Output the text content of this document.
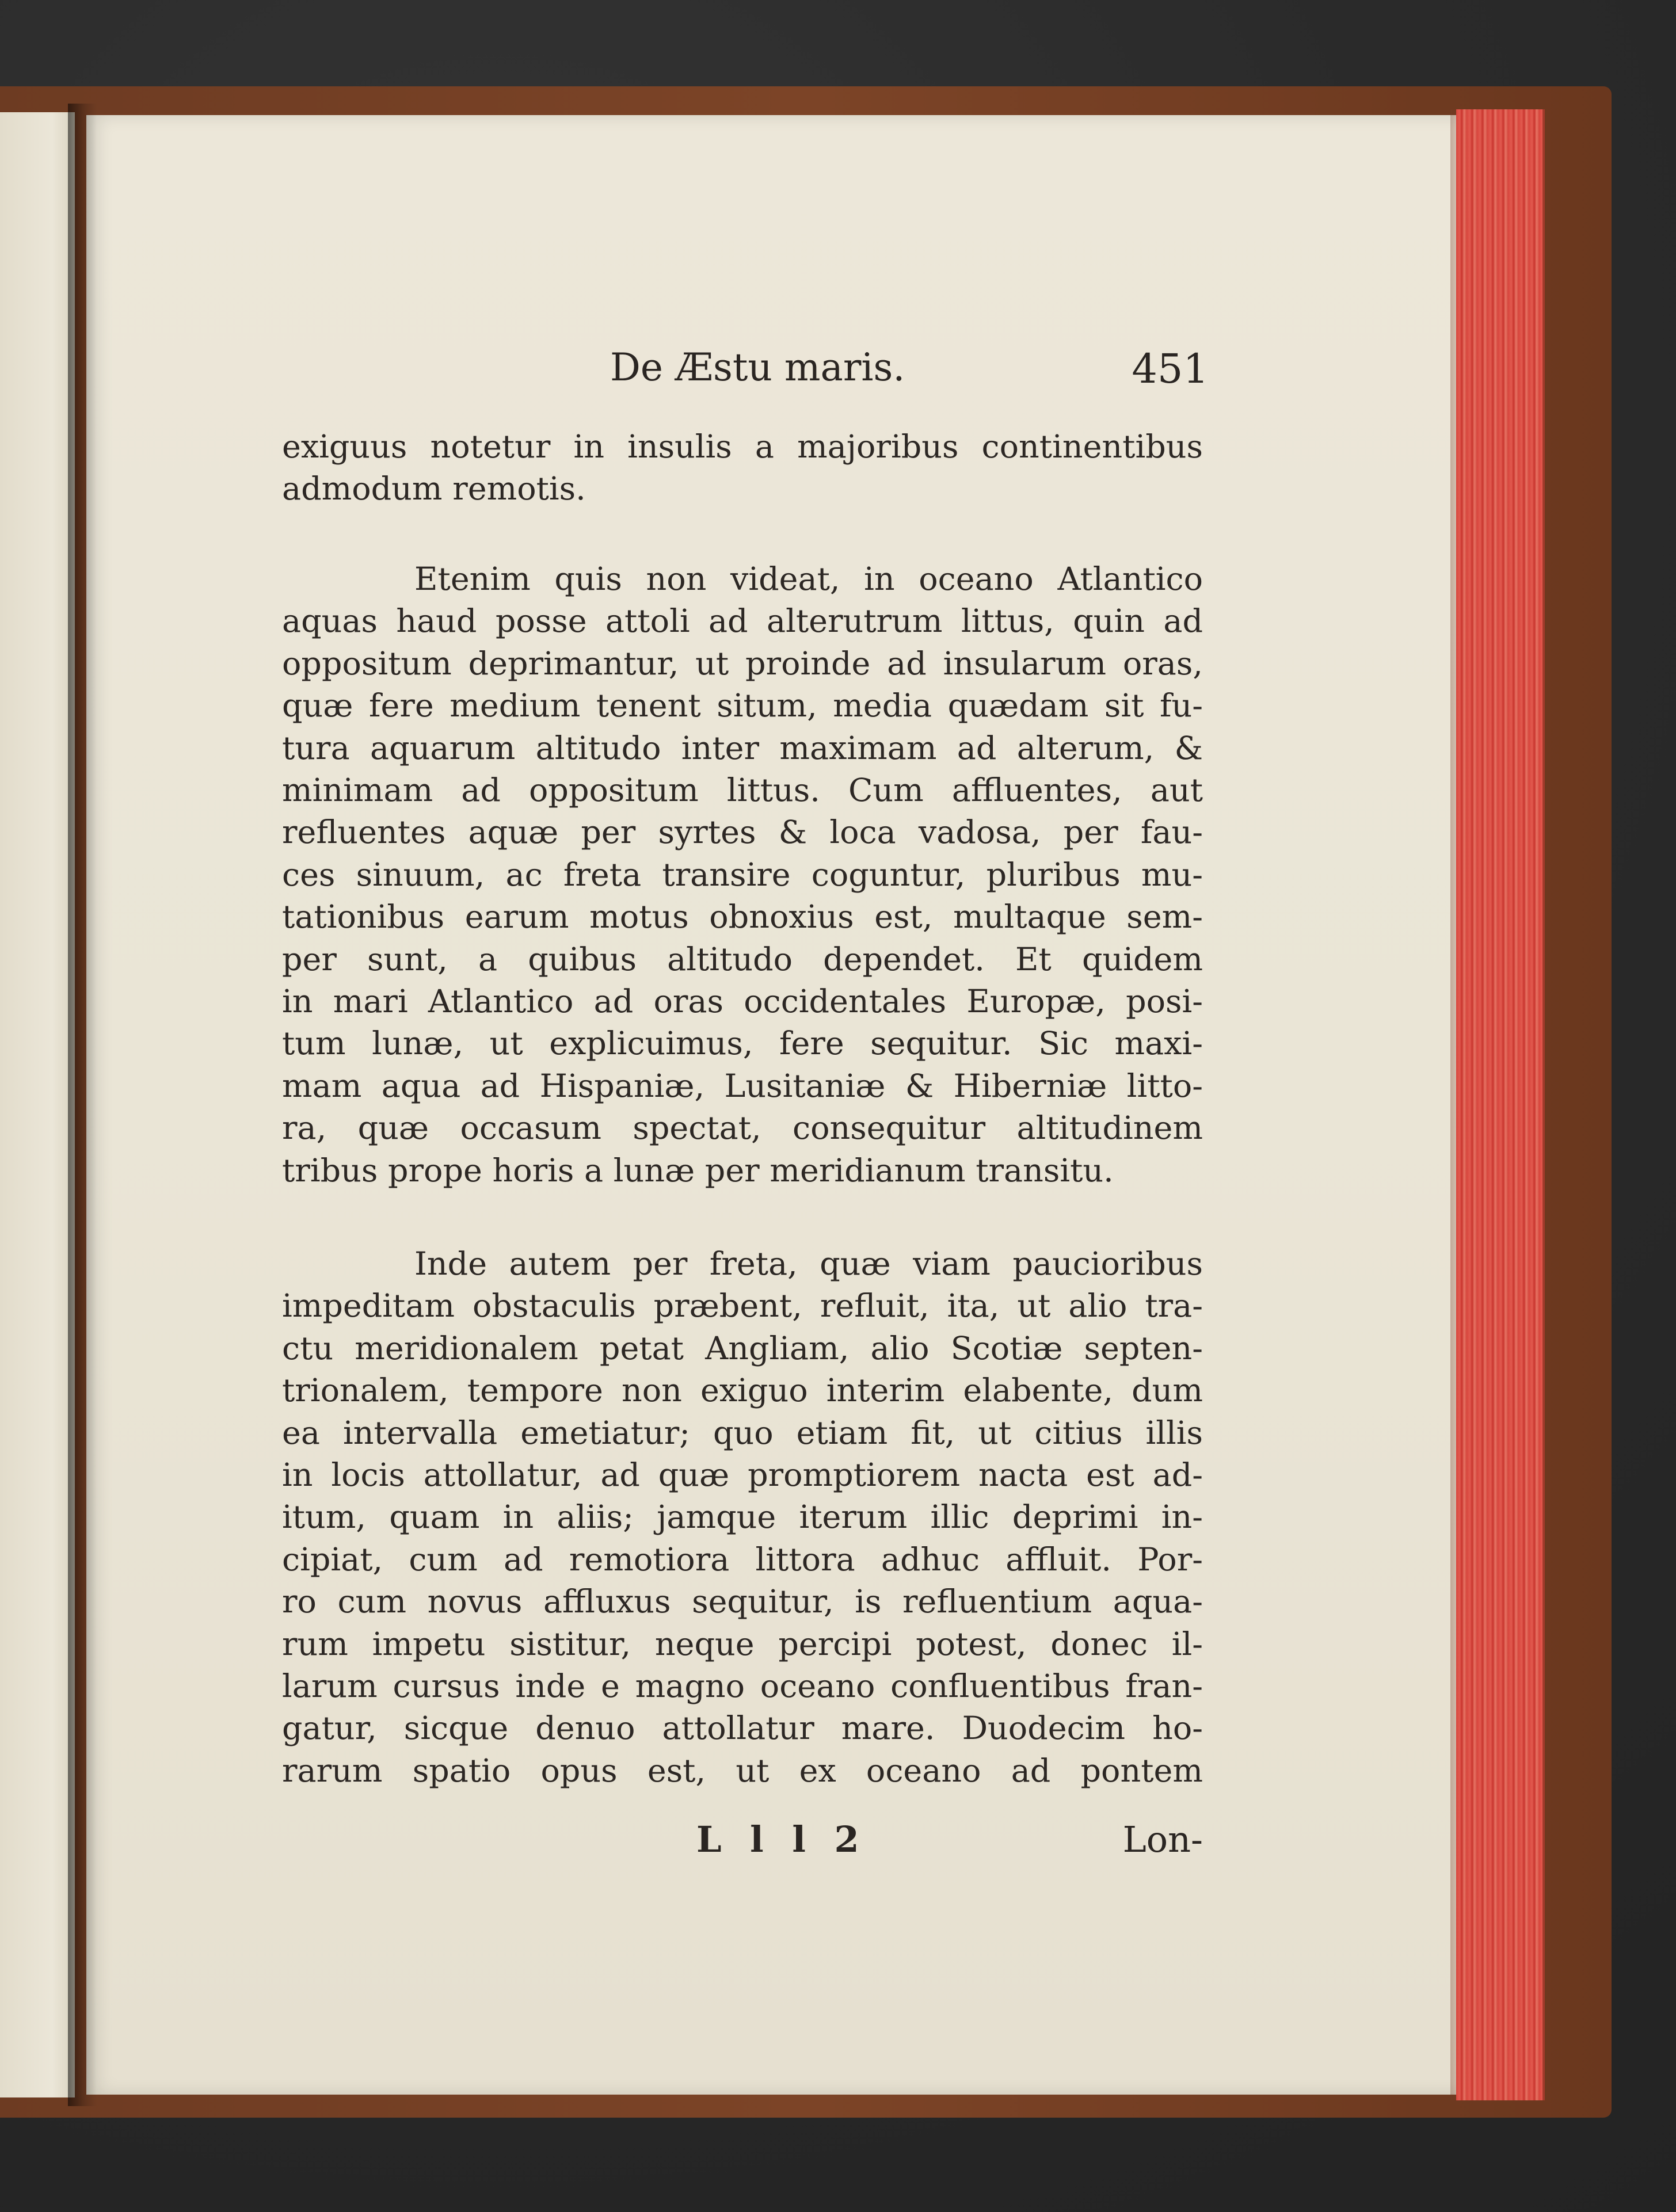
De Æstu maris.	451
exiguus notetur in insulis a majoribus continentibus
admodum remotis.
Etenim quis non videat, in oceano Atlantico
aquas haud posse attoli ad alterutrum littus, quin ad
oppositum deprimantur, ut proinde ad insularum oras,
quæ fere medium tenent situm, media quædam sit fu-
tura aquarum altitudo inter maximam ad alterum, &
minimam ad oppositum littus. Cum affluentes, aut
refluentes aquæ per syrtes & loca vadosa, per fau-
ces sinuum, ac freta transire coguntur, pluribus mu-
tationibus earum motus obnoxius est, multaque sem-
per sunt, a quibus altitudo dependet. Et quidem
in mari Atlantico ad oras occidentales Europæ, posi-
tum lunæ, ut explicuimus, fere sequitur. Sic maxi-
mam aqua ad Hispaniæ, Lusitaniæ & Hiberniæ litto-
ra, quæ occasum spectat, consequitur altitudinem
tribus prope horis a lunæ per meridianum transitu.
Inde autem per freta, quæ viam paucioribus
impeditam obstaculis præbent, refluit, ita, ut alio tra-
ctu meridionalem petat Angliam, alio Scotiæ septen-
trionalem, tempore non exiguo interim elabente, dum
ea intervalla emetiatur; quo etiam fit, ut citius illis
in locis attollatur, ad quæ promptiorem nacta est ad-
itum, quam in aliis; jamque iterum illic deprimi in-
cipiat, cum ad remotiora littora adhuc affluit. Por-
ro cum novus affluxus sequitur, is refluentium aqua-
rum impetu sistitur, neque percipi potest, donec il-
larum cursus inde e magno oceano confluentibus fran-
gatur, sicque denuo attollatur mare. Duodecim ho-
rarum spatio opus est, ut ex oceano ad pontem
L l l 2	Lon-
